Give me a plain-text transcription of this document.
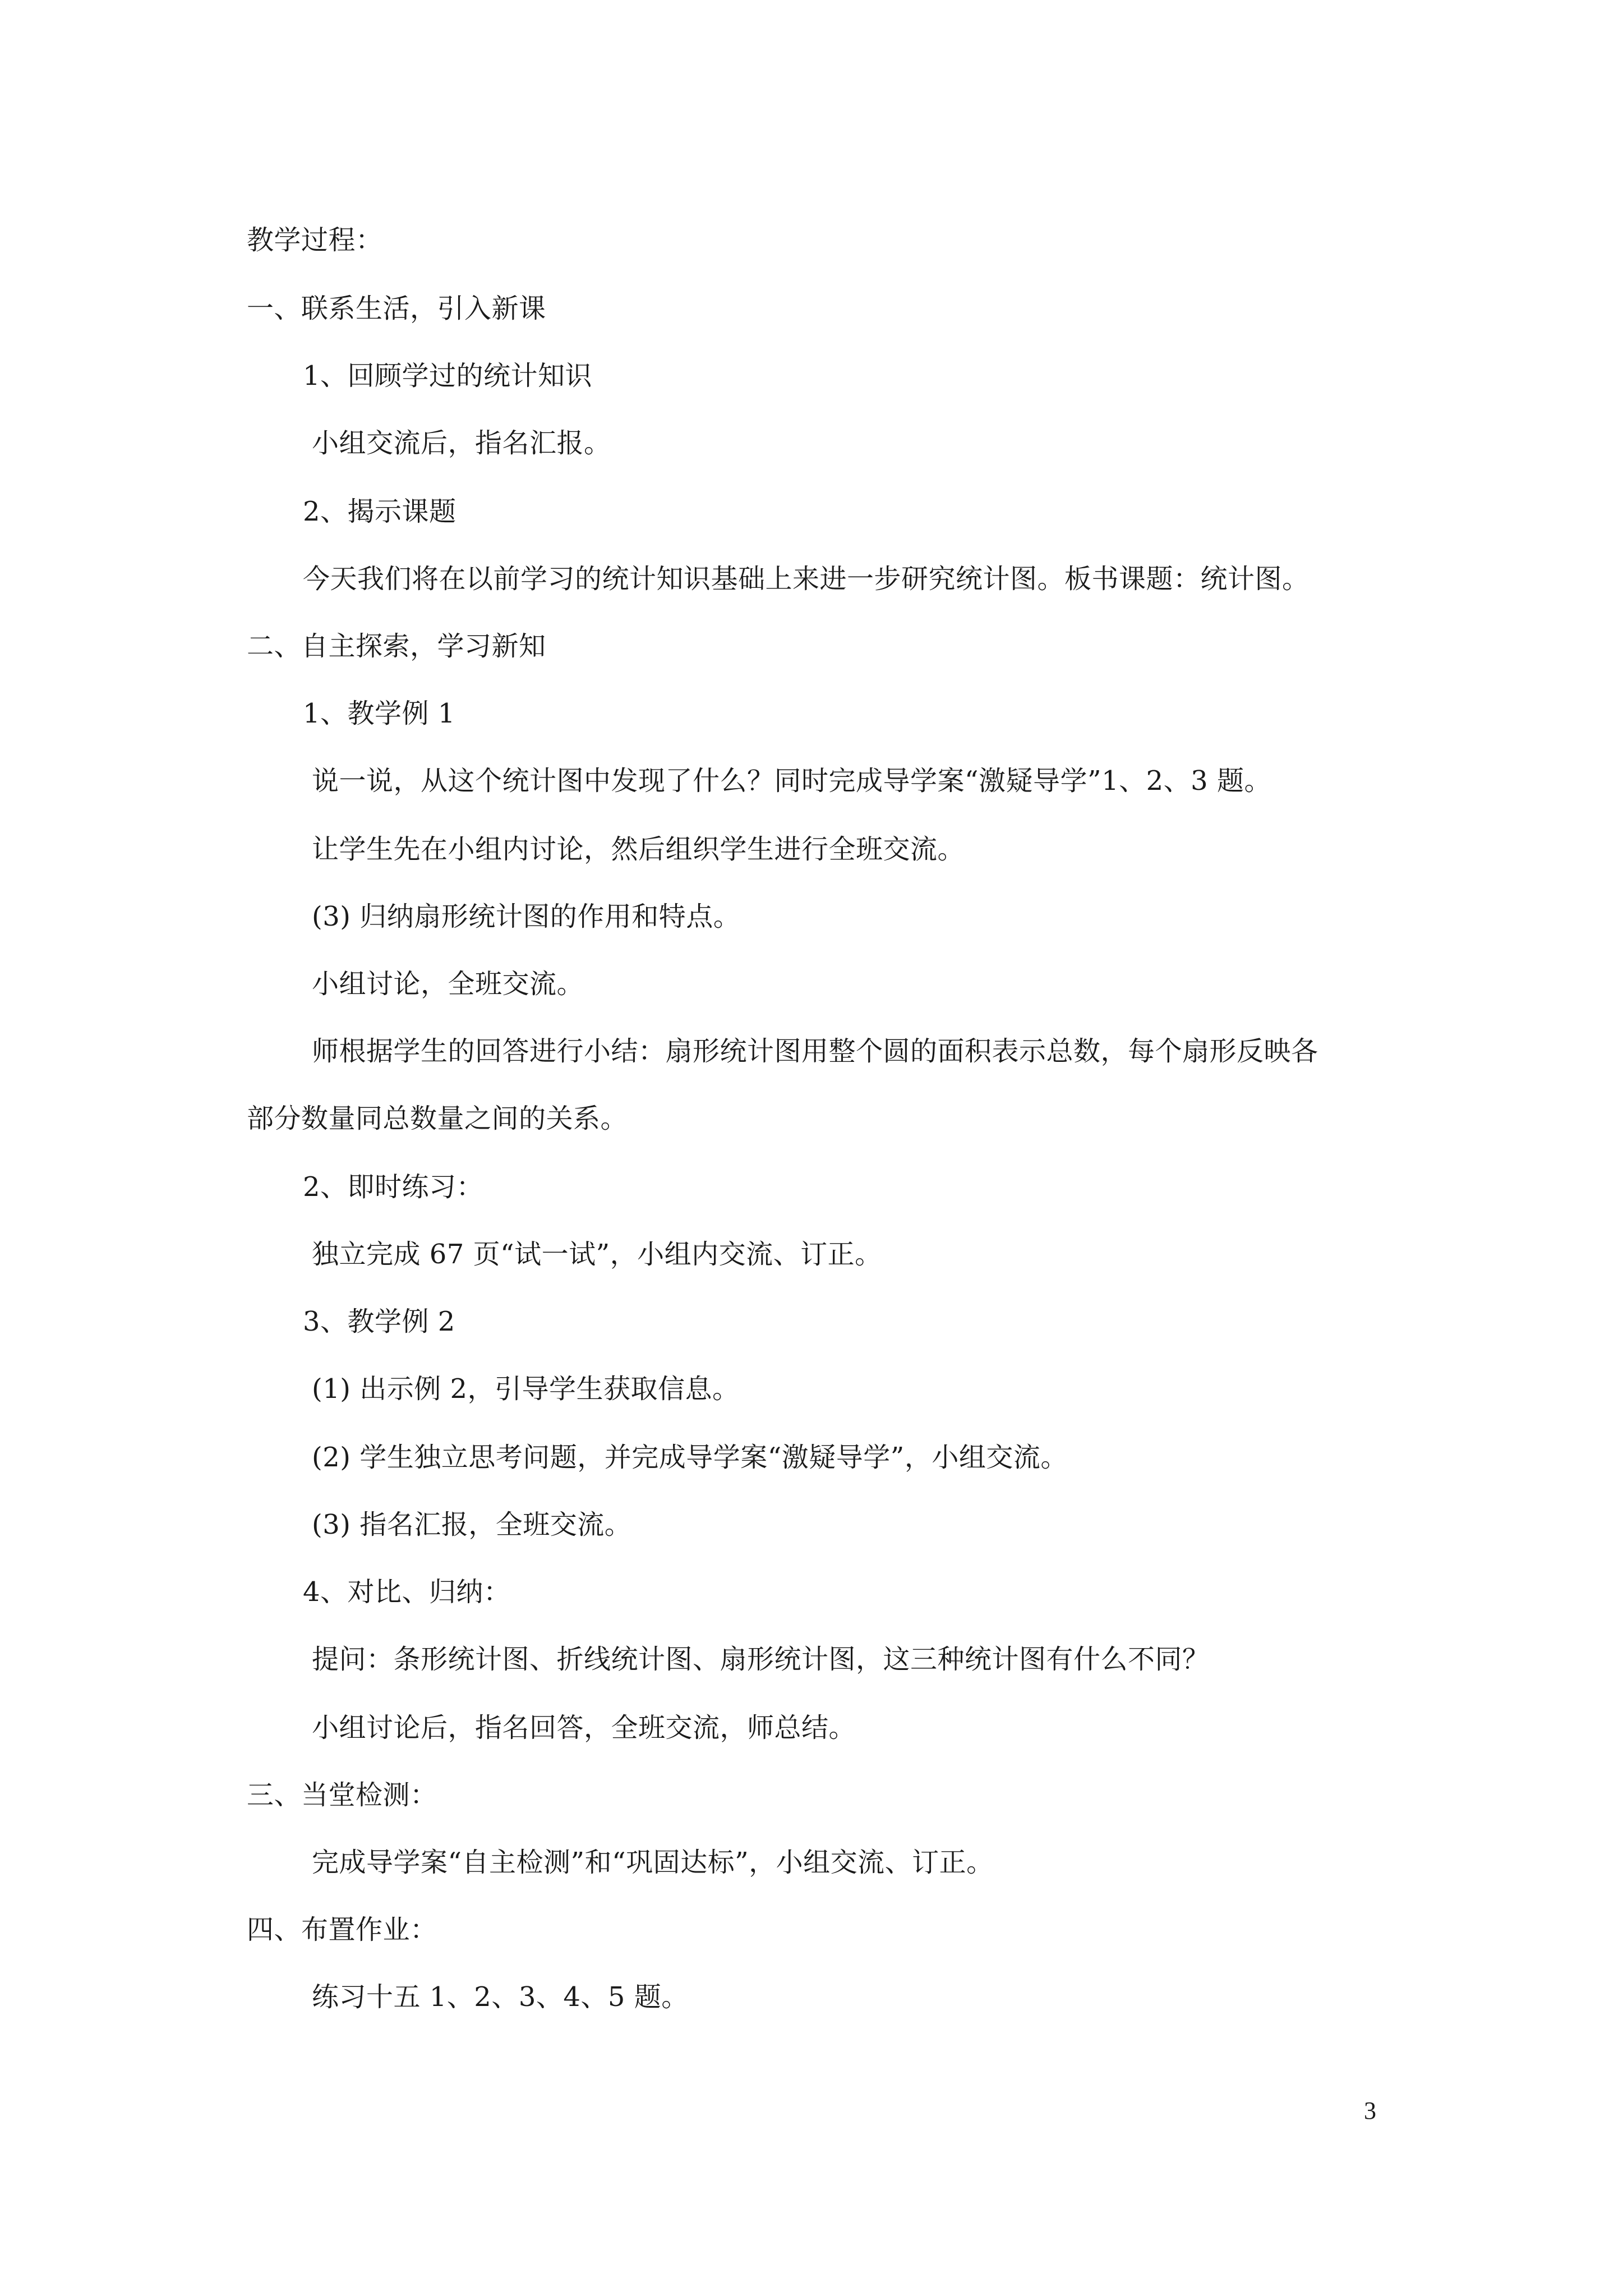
教学过程：
一、联系生活，引入新课
1、回顾学过的统计知识
小组交流后，指名汇报。
2、揭示课题
今天我们将在以前学习的统计知识基础上来进一步研究统计图。板书课题：统计图。
二、自主探索，学习新知
1、教学例 1
说一说，从这个统计图中发现了什么？同时完成导学案“激疑导学”1、2、3 题。
让学生先在小组内讨论，然后组织学生进行全班交流。
(3) 归纳扇形统计图的作用和特点。
小组讨论，全班交流。
师根据学生的回答进行小结：扇形统计图用整个圆的面积表示总数，每个扇形反映各
部分数量同总数量之间的关系。
2、即时练习：
独立完成 67 页“试一试”，小组内交流、订正。
3、教学例 2
(1) 出示例 2，引导学生获取信息。
(2) 学生独立思考问题，并完成导学案“激疑导学”，小组交流。
(3) 指名汇报，全班交流。
4、对比、归纳：
提问：条形统计图、折线统计图、扇形统计图，这三种统计图有什么不同？
小组讨论后，指名回答，全班交流，师总结。
三、当堂检测：
完成导学案“自主检测”和“巩固达标”，小组交流、订正。
四、布置作业：
练习十五 1、2、3、4、5 题。
3
